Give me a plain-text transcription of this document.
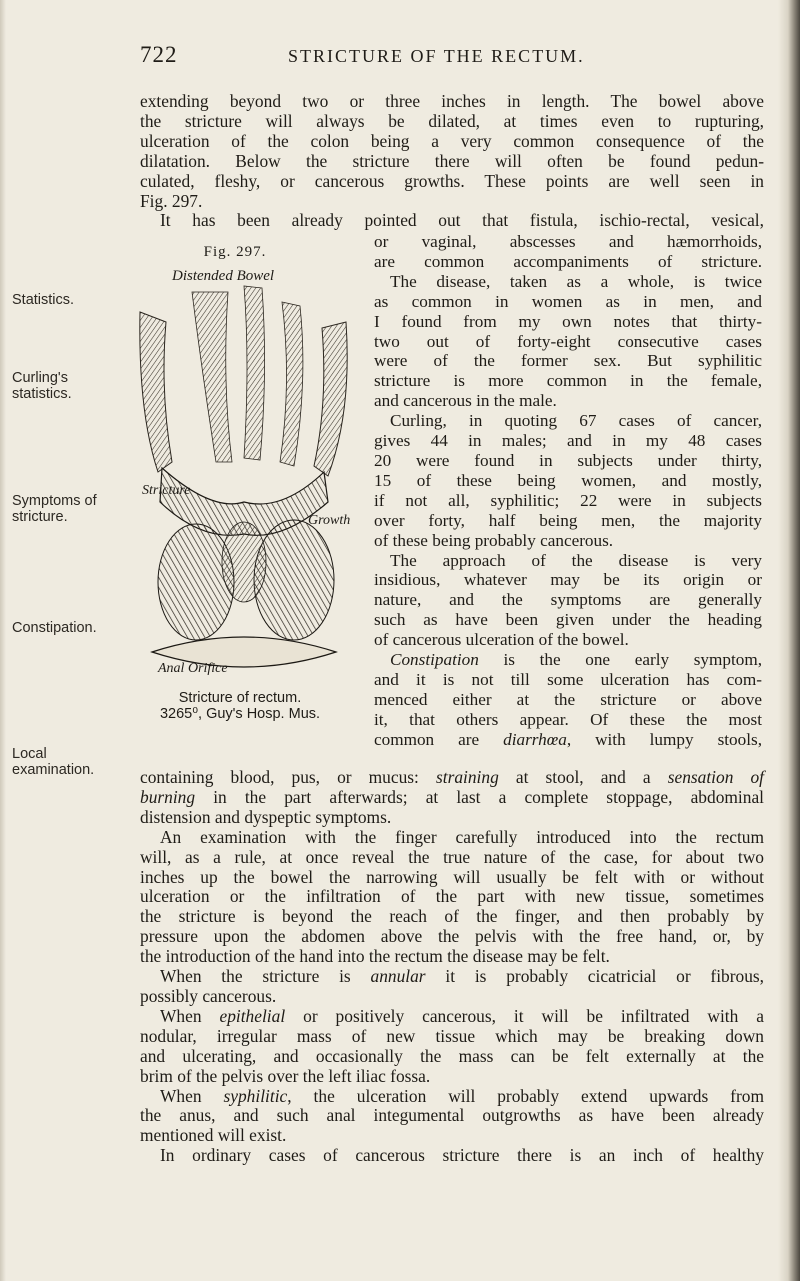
722	STRICTURE OF THE RECTUM.
Statistics.
Curling's
statistics.
Symptoms of
stricture.
Constipation.
Local
examination.
extending beyond two or three inches in length. The bowel above
the stricture will always be dilated, at times even to rupturing,
ulceration of the colon being a very common consequence of the
dilatation. Below the stricture there will often be found pedun-
culated, fleshy, or cancerous growths. These points are well seen in
Fig. 297.
It has been already pointed out that fistula, ischio-rectal, vesical,
Fig. 297.
Distended Bowel
Stricture
Growth
Anal Orifice
Stricture of rectum.
3265⁰, Guy's Hosp. Mus.
or vaginal, abscesses and hæmorrhoids,
are common accompaniments of stricture.
The disease, taken as a whole, is twice
as common in women as in men, and
I found from my own notes that thirty-
two out of forty-eight consecutive cases
were of the former sex. But syphilitic
stricture is more common in the female,
and cancerous in the male.
Curling, in quoting 67 cases of cancer,
gives 44 in males; and in my 48 cases
20 were found in subjects under thirty,
15 of these being women, and mostly,
if not all, syphilitic; 22 were in subjects
over forty, half being men, the majority
of these being probably cancerous.
The approach of the disease is very
insidious, whatever may be its origin or
nature, and the symptoms are generally
such as have been given under the heading
of cancerous ulceration of the bowel.
Constipation is the one early symptom,
and it is not till some ulceration has com-
menced either at the stricture or above
it, that others appear. Of these the most
common are diarrhœa, with lumpy stools,
containing blood, pus, or mucus: straining at stool, and a sensation of
burning in the part afterwards; at last a complete stoppage, abdominal
distension and dyspeptic symptoms.
An examination with the finger carefully introduced into the rectum
will, as a rule, at once reveal the true nature of the case, for about two
inches up the bowel the narrowing will usually be felt with or without
ulceration or the infiltration of the part with new tissue, sometimes
the stricture is beyond the reach of the finger, and then probably by
pressure upon the abdomen above the pelvis with the free hand, or, by
the introduction of the hand into the rectum the disease may be felt.
When the stricture is annular it is probably cicatricial or fibrous,
possibly cancerous.
When epithelial or positively cancerous, it will be infiltrated with a
nodular, irregular mass of new tissue which may be breaking down
and ulcerating, and occasionally the mass can be felt externally at the
brim of the pelvis over the left iliac fossa.
When syphilitic, the ulceration will probably extend upwards from
the anus, and such anal integumental outgrowths as have been already
mentioned will exist.
In ordinary cases of cancerous stricture there is an inch of healthy
